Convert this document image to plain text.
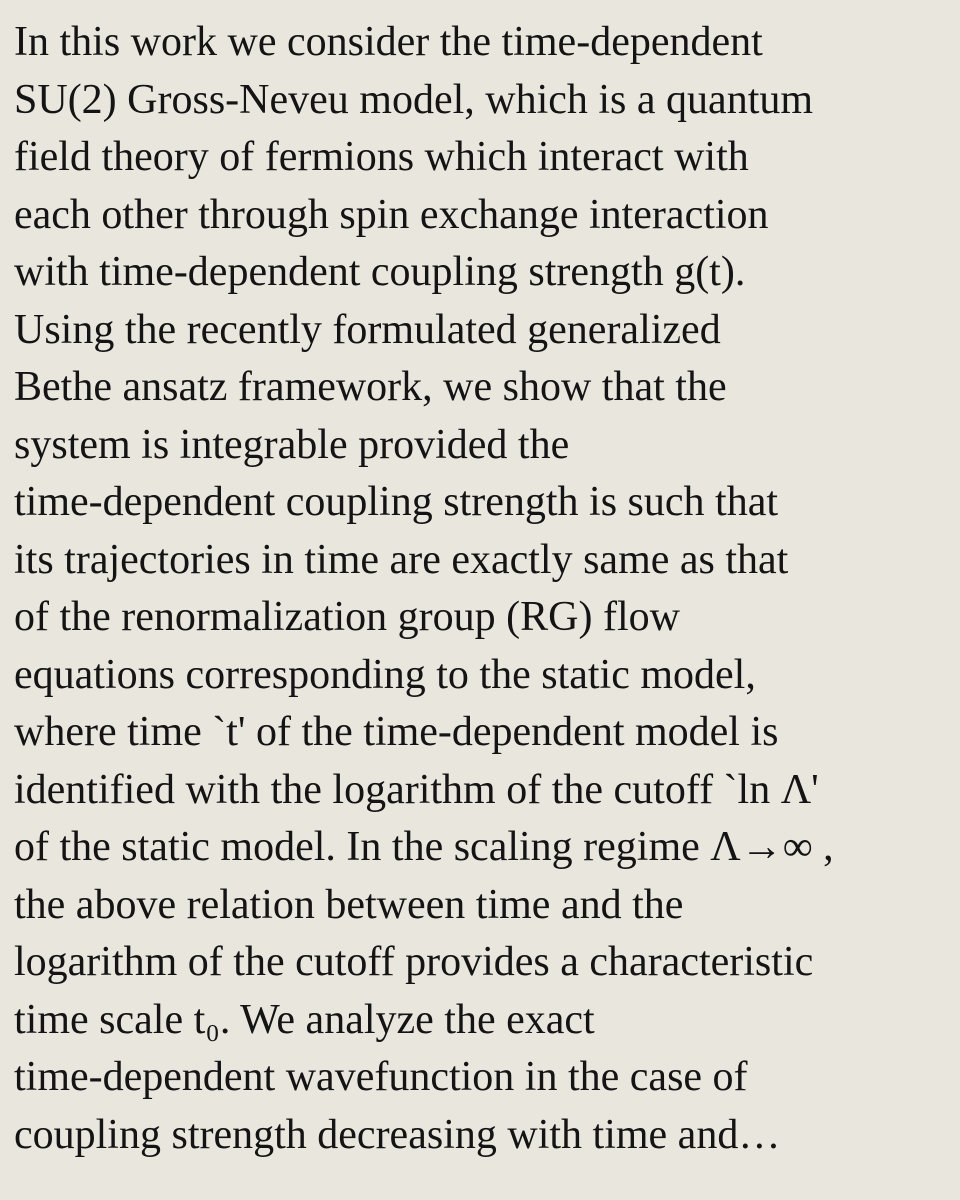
In this work we consider the time-dependent
SU(2) Gross-Neveu model, which is a quantum
field theory of fermions which interact with
each other through spin exchange interaction
with time-dependent coupling strength g(t).
Using the recently formulated generalized
Bethe ansatz framework, we show that the
system is integrable provided the
time-dependent coupling strength is such that
its trajectories in time are exactly same as that
of the renormalization group (RG) flow
equations corresponding to the static model,
where time `t' of the time-dependent model is
identified with the logarithm of the cutoff `ln Λ'
of the static model. In the scaling regime Λ→∞ ,
the above relation between time and the
logarithm of the cutoff provides a characteristic
time scale t₀. We analyze the exact
time-dependent wavefunction in the case of
coupling strength decreasing with time and…
